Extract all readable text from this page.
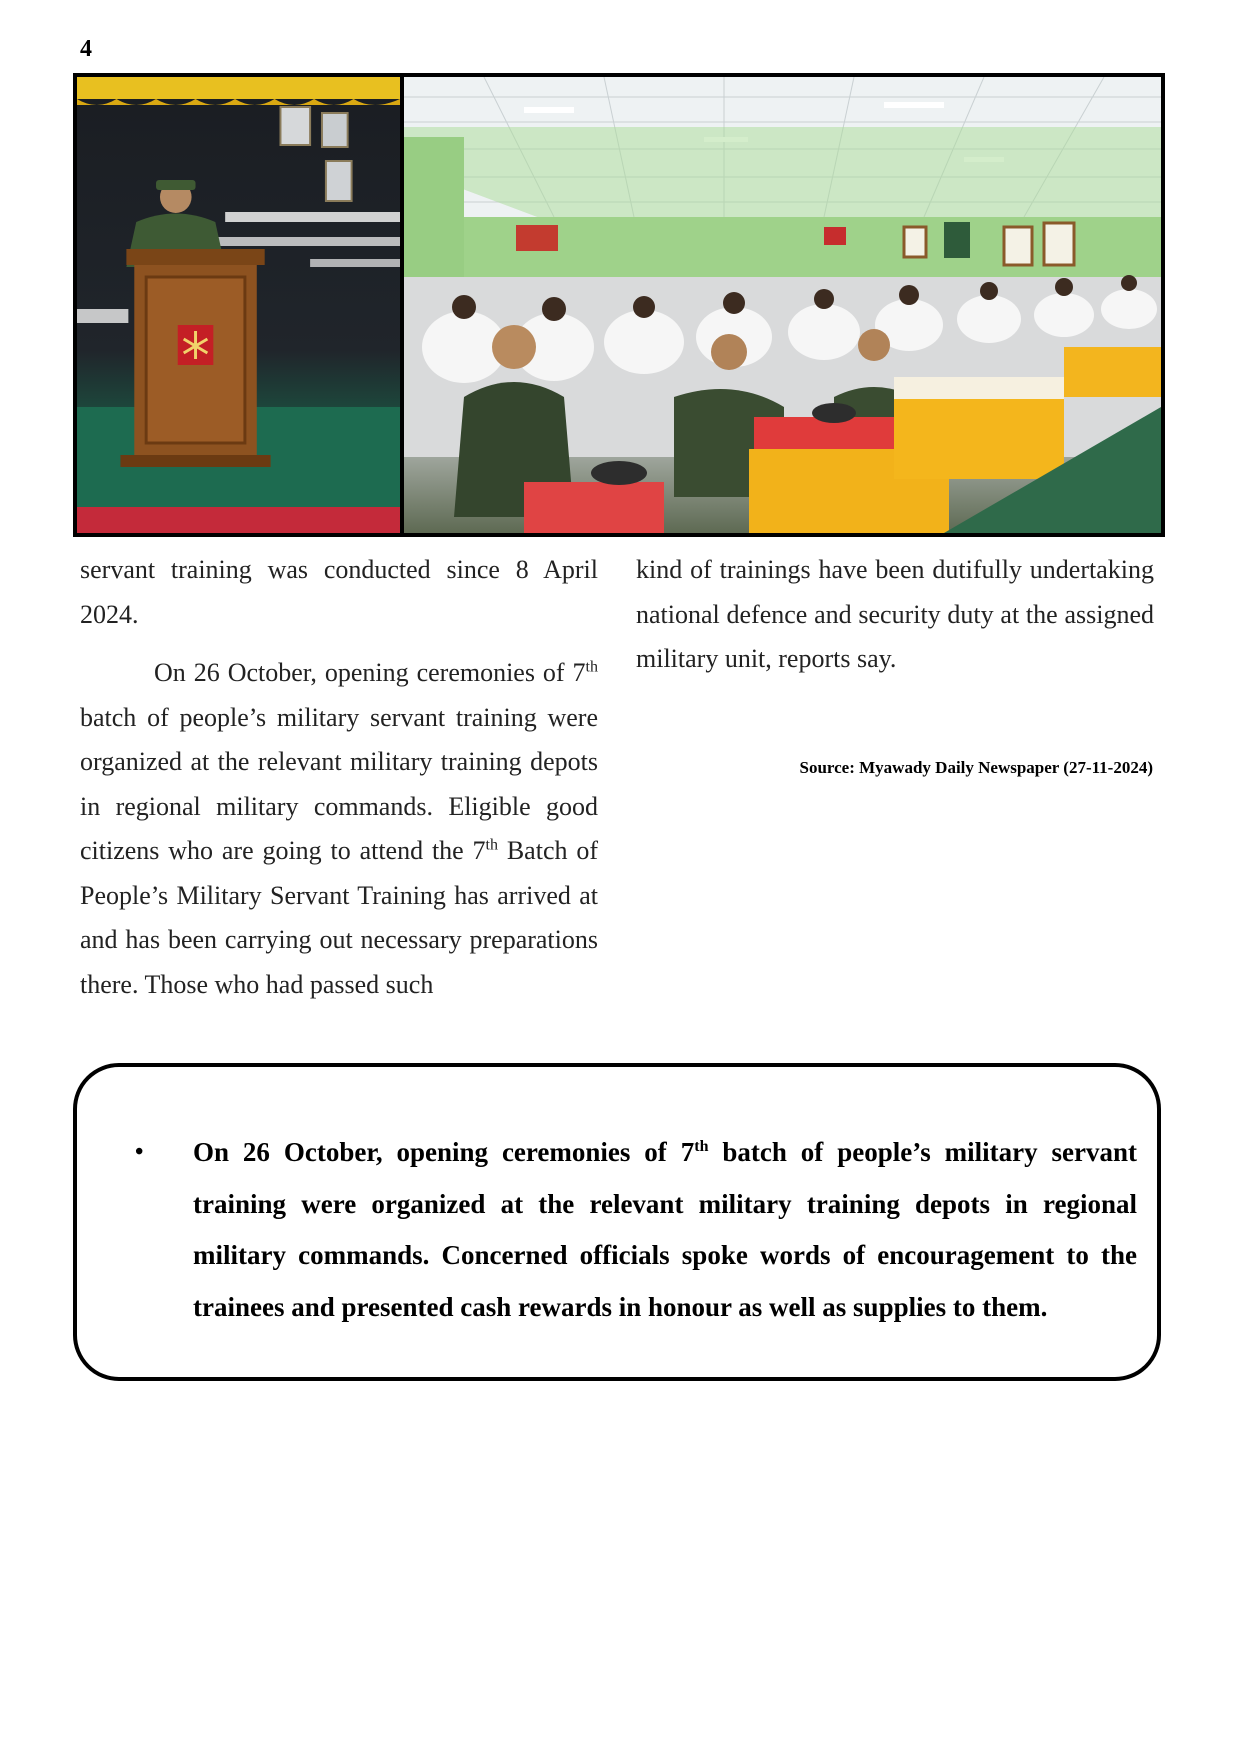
4

servant training was conducted since 8 April 2024.

On 26 October, opening ceremonies of 7th batch of people’s military servant training were organized at the relevant military training depots in regional military commands. Eligible good citizens who are going to attend the 7th Batch of People’s Military Servant Training has arrived at and has been carrying out necessary preparations there. Those who had passed such

kind of trainings have been dutifully undertaking national defence and security duty at the assigned military unit, reports say.

Source: Myawady Daily Newspaper (27-11-2024)
• On 26 October, opening ceremonies of 7th batch of people’s military servant training were organized at the relevant military training depots in regional military commands. Concerned officials spoke words of encouragement to the trainees and presented cash rewards in honour as well as supplies to them.
